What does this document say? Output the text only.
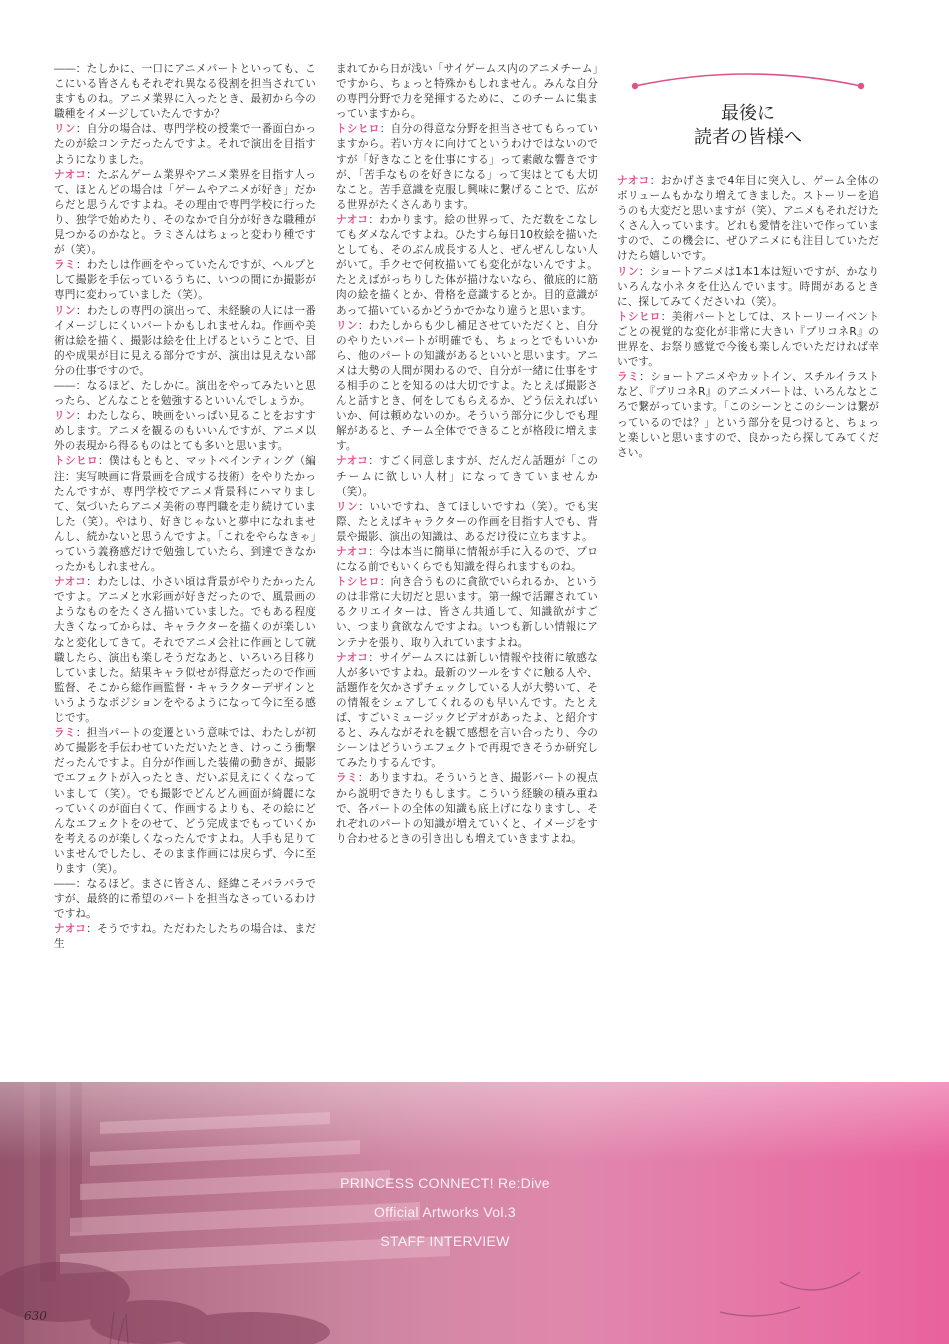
――：たしかに、一口にアニメパートといっても、ここにいる皆さんもそれぞれ異なる役割を担当されていますものね。アニメ業界に入ったとき、最初から今の職種をイメージしていたんですか？

リン：自分の場合は、専門学校の授業で一番面白かったのが絵コンテだったんですよ。それで演出を目指すようになりました。

ナオコ：たぶんゲーム業界やアニメ業界を目指す人って、ほとんどの場合は「ゲームやアニメが好き」だからだと思うんですよね。その理由で専門学校に行ったり、独学で始めたり、そのなかで自分が好きな職種が見つかるのかなと。ラミさんはちょっと変わり種ですが（笑）。

ラミ：わたしは作画をやっていたんですが、ヘルプとして撮影を手伝っているうちに、いつの間にか撮影が専門に変わっていました（笑）。

リン：わたしの専門の演出って、未経験の人には一番イメージしにくいパートかもしれませんね。作画や美術は絵を描く、撮影は絵を仕上げるということで、目的や成果が目に見える部分ですが、演出は見えない部分の仕事ですので。

――：なるほど、たしかに。演出をやってみたいと思ったら、どんなことを勉強するといいんでしょうか。

リン：わたしなら、映画をいっぱい見ることをおすすめします。アニメを観るのもいいんですが、アニメ以外の表現から得るものはとても多いと思います。

トシヒロ：僕はもともと、マットペインティング（編注：実写映画に背景画を合成する技術）をやりたかったんですが、専門学校でアニメ背景科にハマりまして、気づいたらアニメ美術の専門職を走り続けていました（笑）。やはり、好きじゃないと夢中になれませんし、続かないと思うんですよ。「これをやらなきゃ」っていう義務感だけで勉強していたら、到達できなかったかもしれません。

ナオコ：わたしは、小さい頃は背景がやりたかったんですよ。アニメと水彩画が好きだったので、風景画のようなものをたくさん描いていました。でもある程度大きくなってからは、キャラクターを描くのが楽しいなと変化してきて。それでアニメ会社に作画として就職したら、演出も楽しそうだなあと、いろいろ目移りしていました。結果キャラ似せが得意だったので作画監督、そこから総作画監督・キャラクターデザインというようなポジションをやるようになって今に至る感じです。

ラミ：担当パートの変遷という意味では、わたしが初めて撮影を手伝わせていただいたとき、けっこう衝撃だったんですよ。自分が作画した装備の動きが、撮影でエフェクトが入ったとき、だいぶ見えにくくなっていまして（笑）。でも撮影でどんどん画面が綺麗になっていくのが面白くて、作画するよりも、その絵にどんなエフェクトをのせて、どう完成までもっていくかを考えるのが楽しくなったんですよね。人手も足りていませんでしたし、そのまま作画には戻らず、今に至ります（笑）。

――：なるほど。まさに皆さん、経緯こそバラバラですが、最終的に希望のパートを担当なさっているわけですね。

ナオコ：そうですね。ただわたしたちの場合は、まだ生

まれてから日が浅い「サイゲームス内のアニメチーム」ですから、ちょっと特殊かもしれません。みんな自分の専門分野で力を発揮するために、このチームに集まっていますから。

トシヒロ：自分の得意な分野を担当させてもらっていますから。若い方々に向けてというわけではないのですが「好きなことを仕事にする」って素敵な響きですが、「苦手なものを好きになる」って実はとても大切なこと。苦手意識を克服し興味に繋げることで、広がる世界がたくさんあります。

ナオコ：わかります。絵の世界って、ただ数をこなしてもダメなんですよね。ひたすら毎日10枚絵を描いたとしても、そのぶん成長する人と、ぜんぜんしない人がいて。手クセで何枚描いても変化がないんですよ。たとえばがっちりした体が描けないなら、徹底的に筋肉の絵を描くとか、骨格を意識するとか。目的意識があって描いているかどうかでかなり違うと思います。

リン：わたしからも少し補足させていただくと、自分のやりたいパートが明確でも、ちょっとでもいいから、他のパートの知識があるといいと思います。アニメは大勢の人間が関わるので、自分が一緒に仕事をする相手のことを知るのは大切ですよ。たとえば撮影さんと話すとき、何をしてもらえるか、どう伝えればいいか、何は頼めないのか。そういう部分に少しでも理解があると、チーム全体でできることが格段に増えます。

ナオコ：すごく同意しますが、だんだん話題が「このチームに欲しい人材」になってきていませんか（笑）。

リン：いいですね、きてほしいですね（笑）。でも実際、たとえばキャラクターの作画を目指す人でも、背景や撮影、演出の知識は、あるだけ役に立ちますよ。

ナオコ：今は本当に簡単に情報が手に入るので、プロになる前でもいくらでも知識を得られますものね。

トシヒロ：向き合うものに貪欲でいられるか、というのは非常に大切だと思います。第一線で活躍されているクリエイターは、皆さん共通して、知識欲がすごい、つまり貪欲なんですよね。いつも新しい情報にアンテナを張り、取り入れていますよね。

ナオコ：サイゲームスには新しい情報や技術に敏感な人が多いですよね。最新のツールをすぐに触る人や、話題作を欠かさずチェックしている人が大勢いて、その情報をシェアしてくれるのも早いんです。たとえば、すごいミュージックビデオがあったよ、と紹介すると、みんながそれを観て感想を言い合ったり、今のシーンはどういうエフェクトで再現できそうか研究してみたりするんです。

ラミ：ありますね。そういうとき、撮影パートの視点から説明できたりもします。こういう経験の積み重ねで、各パートの全体の知識も底上げになりますし、それぞれのパートの知識が増えていくと、イメージをすり合わせるときの引き出しも増えていきますよね。

最後に
読者の皆様へ

ナオコ：おかげさまで4年目に突入し、ゲーム全体のボリュームもかなり増えてきました。ストーリーを追うのも大変だと思いますが（笑）、アニメもそれだけたくさん入っています。どれも愛情を注いで作っていますので、この機会に、ぜひアニメにも注目していただけたら嬉しいです。

リン：ショートアニメは1本1本は短いですが、かなりいろんな小ネタを仕込んでいます。時間があるときに、探してみてくださいね（笑）。

トシヒロ：美術パートとしては、ストーリーイベントごとの視覚的な変化が非常に大きい『プリコネR』の世界を、お祭り感覚で今後も楽しんでいただければ幸いです。

ラミ：ショートアニメやカットイン、スチルイラストなど、『プリコネR』のアニメパートは、いろんなところで繋がっています。「このシーンとこのシーンは繋がっているのでは？」という部分を見つけると、ちょっと楽しいと思いますので、良かったら探してみてください。

PRINCESS CONNECT! Re:Dive
Official Artworks Vol.3
STAFF INTERVIEW
630
